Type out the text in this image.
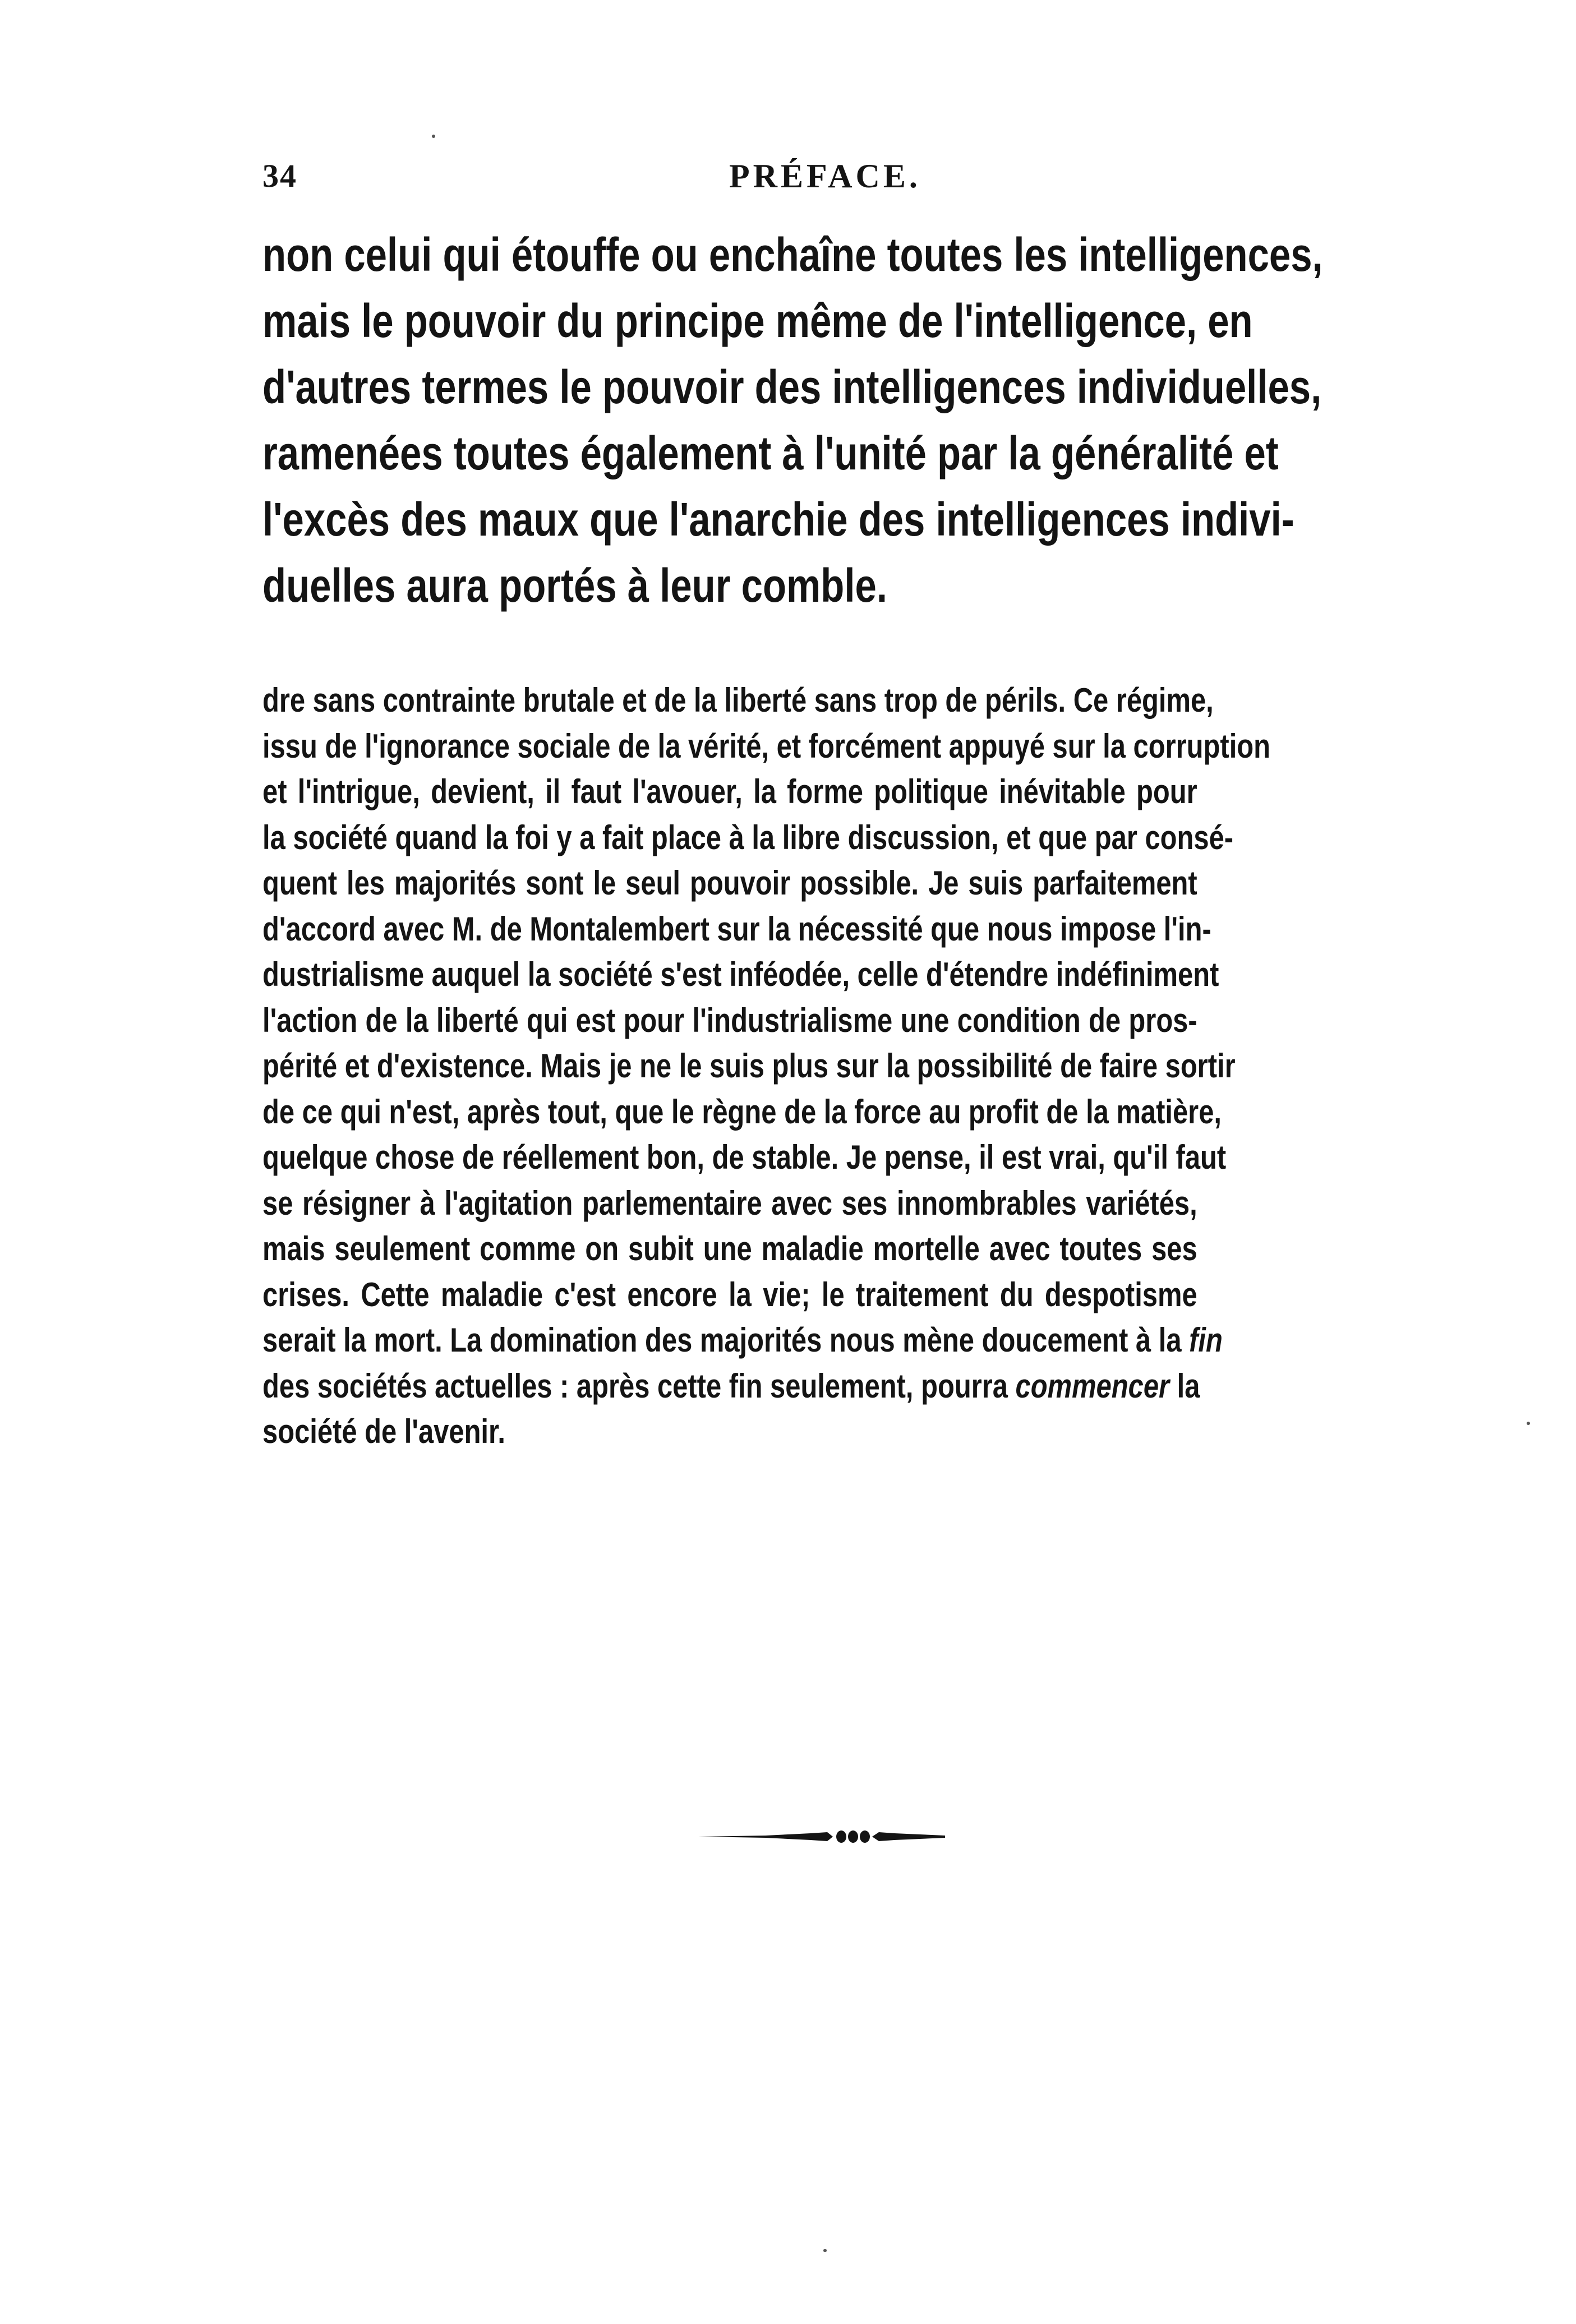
34	PRÉFACE.

non celui qui étouffe ou enchaîne toutes les intelligences,
mais le pouvoir du principe même de l'intelligence, en
d'autres termes le pouvoir des intelligences individuelles,
ramenées toutes également à l'unité par la généralité et
l'excès des maux que l'anarchie des intelligences indivi-
duelles aura portés à leur comble.

dre sans contrainte brutale et de la liberté sans trop de périls. Ce régime,
issu de l'ignorance sociale de la vérité, et forcément appuyé sur la corruption
et l'intrigue, devient, il faut l'avouer, la forme politique inévitable pour
la société quand la foi y a fait place à la libre discussion, et que par consé-
quent les majorités sont le seul pouvoir possible. Je suis parfaitement
d'accord avec M. de Montalembert sur la nécessité que nous impose l'in-
dustrialisme auquel la société s'est inféodée, celle d'étendre indéfiniment
l'action de la liberté qui est pour l'industrialisme une condition de pros-
périté et d'existence. Mais je ne le suis plus sur la possibilité de faire sortir
de ce qui n'est, après tout, que le règne de la force au profit de la matière,
quelque chose de réellement bon, de stable. Je pense, il est vrai, qu'il faut
se résigner à l'agitation parlementaire avec ses innombrables variétés,
mais seulement comme on subit une maladie mortelle avec toutes ses
crises. Cette maladie c'est encore la vie; le traitement du despotisme
serait la mort. La domination des majorités nous mène doucement à la fin
des sociétés actuelles : après cette fin seulement, pourra commencer la
société de l'avenir.
